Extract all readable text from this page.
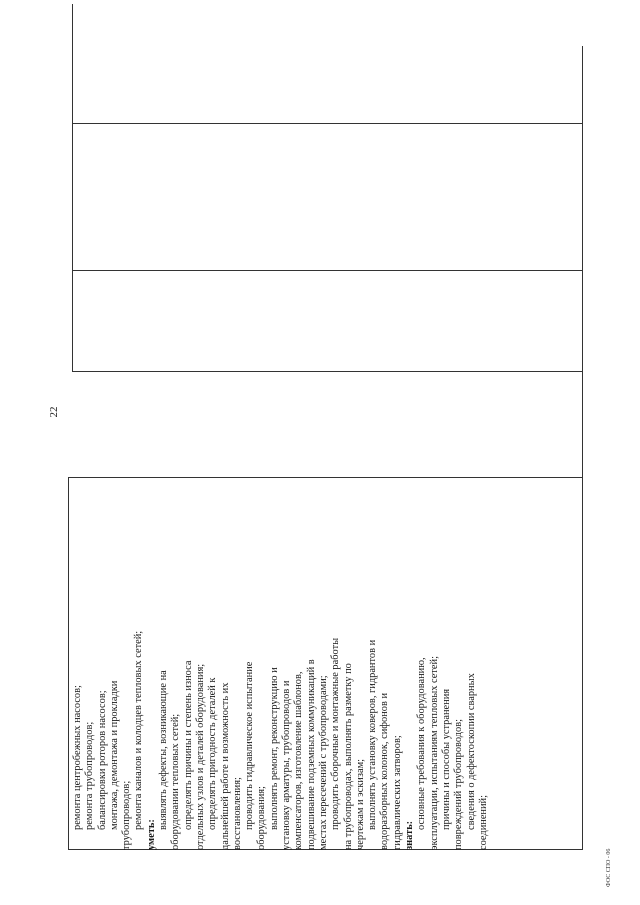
ремонта центробежных насосов; ремонта трубопроводов; балансировки роторов насосов; монтажа, демонтажа и прокладки трубопроводов; ремонта каналов и колодцев тепловых сетей;
уметь:
выявлять дефекты, возникающие на оборудовании тепловых сетей; определять причины и степень износа отдельных узлов и деталей оборудования; определять пригодность деталей к дальнейшей работе и возможность их восстановления; проводить гидравлическое испытание оборудования; выполнять ремонт, реконструкцию и установку арматуры, трубопроводов и компенсаторов, изготовление шаблонов, подвешивание подземных коммуникаций в местах пересечений с трубопроводами; проводить сборочные и монтажные работы на трубопроводах, выполнять разметку по чертежам и эскизам; выполнять установку коверов, гидрантов и водоразборных колонок, сифонов и гидравлических затворов; знать:
основные требования к оборудованию, эксплуатации, испытаниям тепловых сетей; причины и способы устранения повреждений трубопроводов; сведения о дефектоскопии сварных соединений;
22
ФОС СПО - 06
